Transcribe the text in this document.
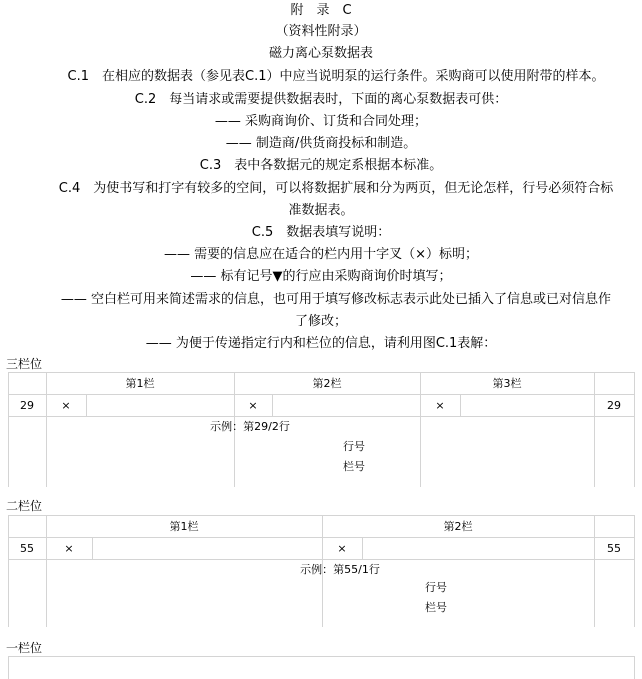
附　录　C
（资料性附录）
磁力离心泵数据表
C.1　在相应的数据表（参见表C.1）中应当说明泵的运行条件。采购商可以使用附带的样本。
C.2　每当请求或需要提供数据表时，下面的离心泵数据表可供：
—— 采购商询价、订货和合同处理；
—— 制造商/供货商投标和制造。
C.3　表中各数据元的规定系根据本标准。
C.4　为使书写和打字有较多的空间，可以将数据扩展和分为两页，但无论怎样，行号必须符合标
准数据表。
C.5　数据表填写说明：
—— 需要的信息应在适合的栏内用十字叉（×）标明；
—— 标有记号▼的行应由采购商询价时填写；
—— 空白栏可用来简述需求的信息，也可用于填写修改标志表示此处已插入了信息或已对信息作
了修改；
—— 为便于传递指定行内和栏位的信息，请利用图C.1表解：
三栏位
第1栏	第2栏	第3栏
29	×	×	×	29
示例：第29/2行
行号
栏号
二栏位
第1栏	第2栏
55	×	×	55
示例：第55/1行
行号
栏号
一栏位
